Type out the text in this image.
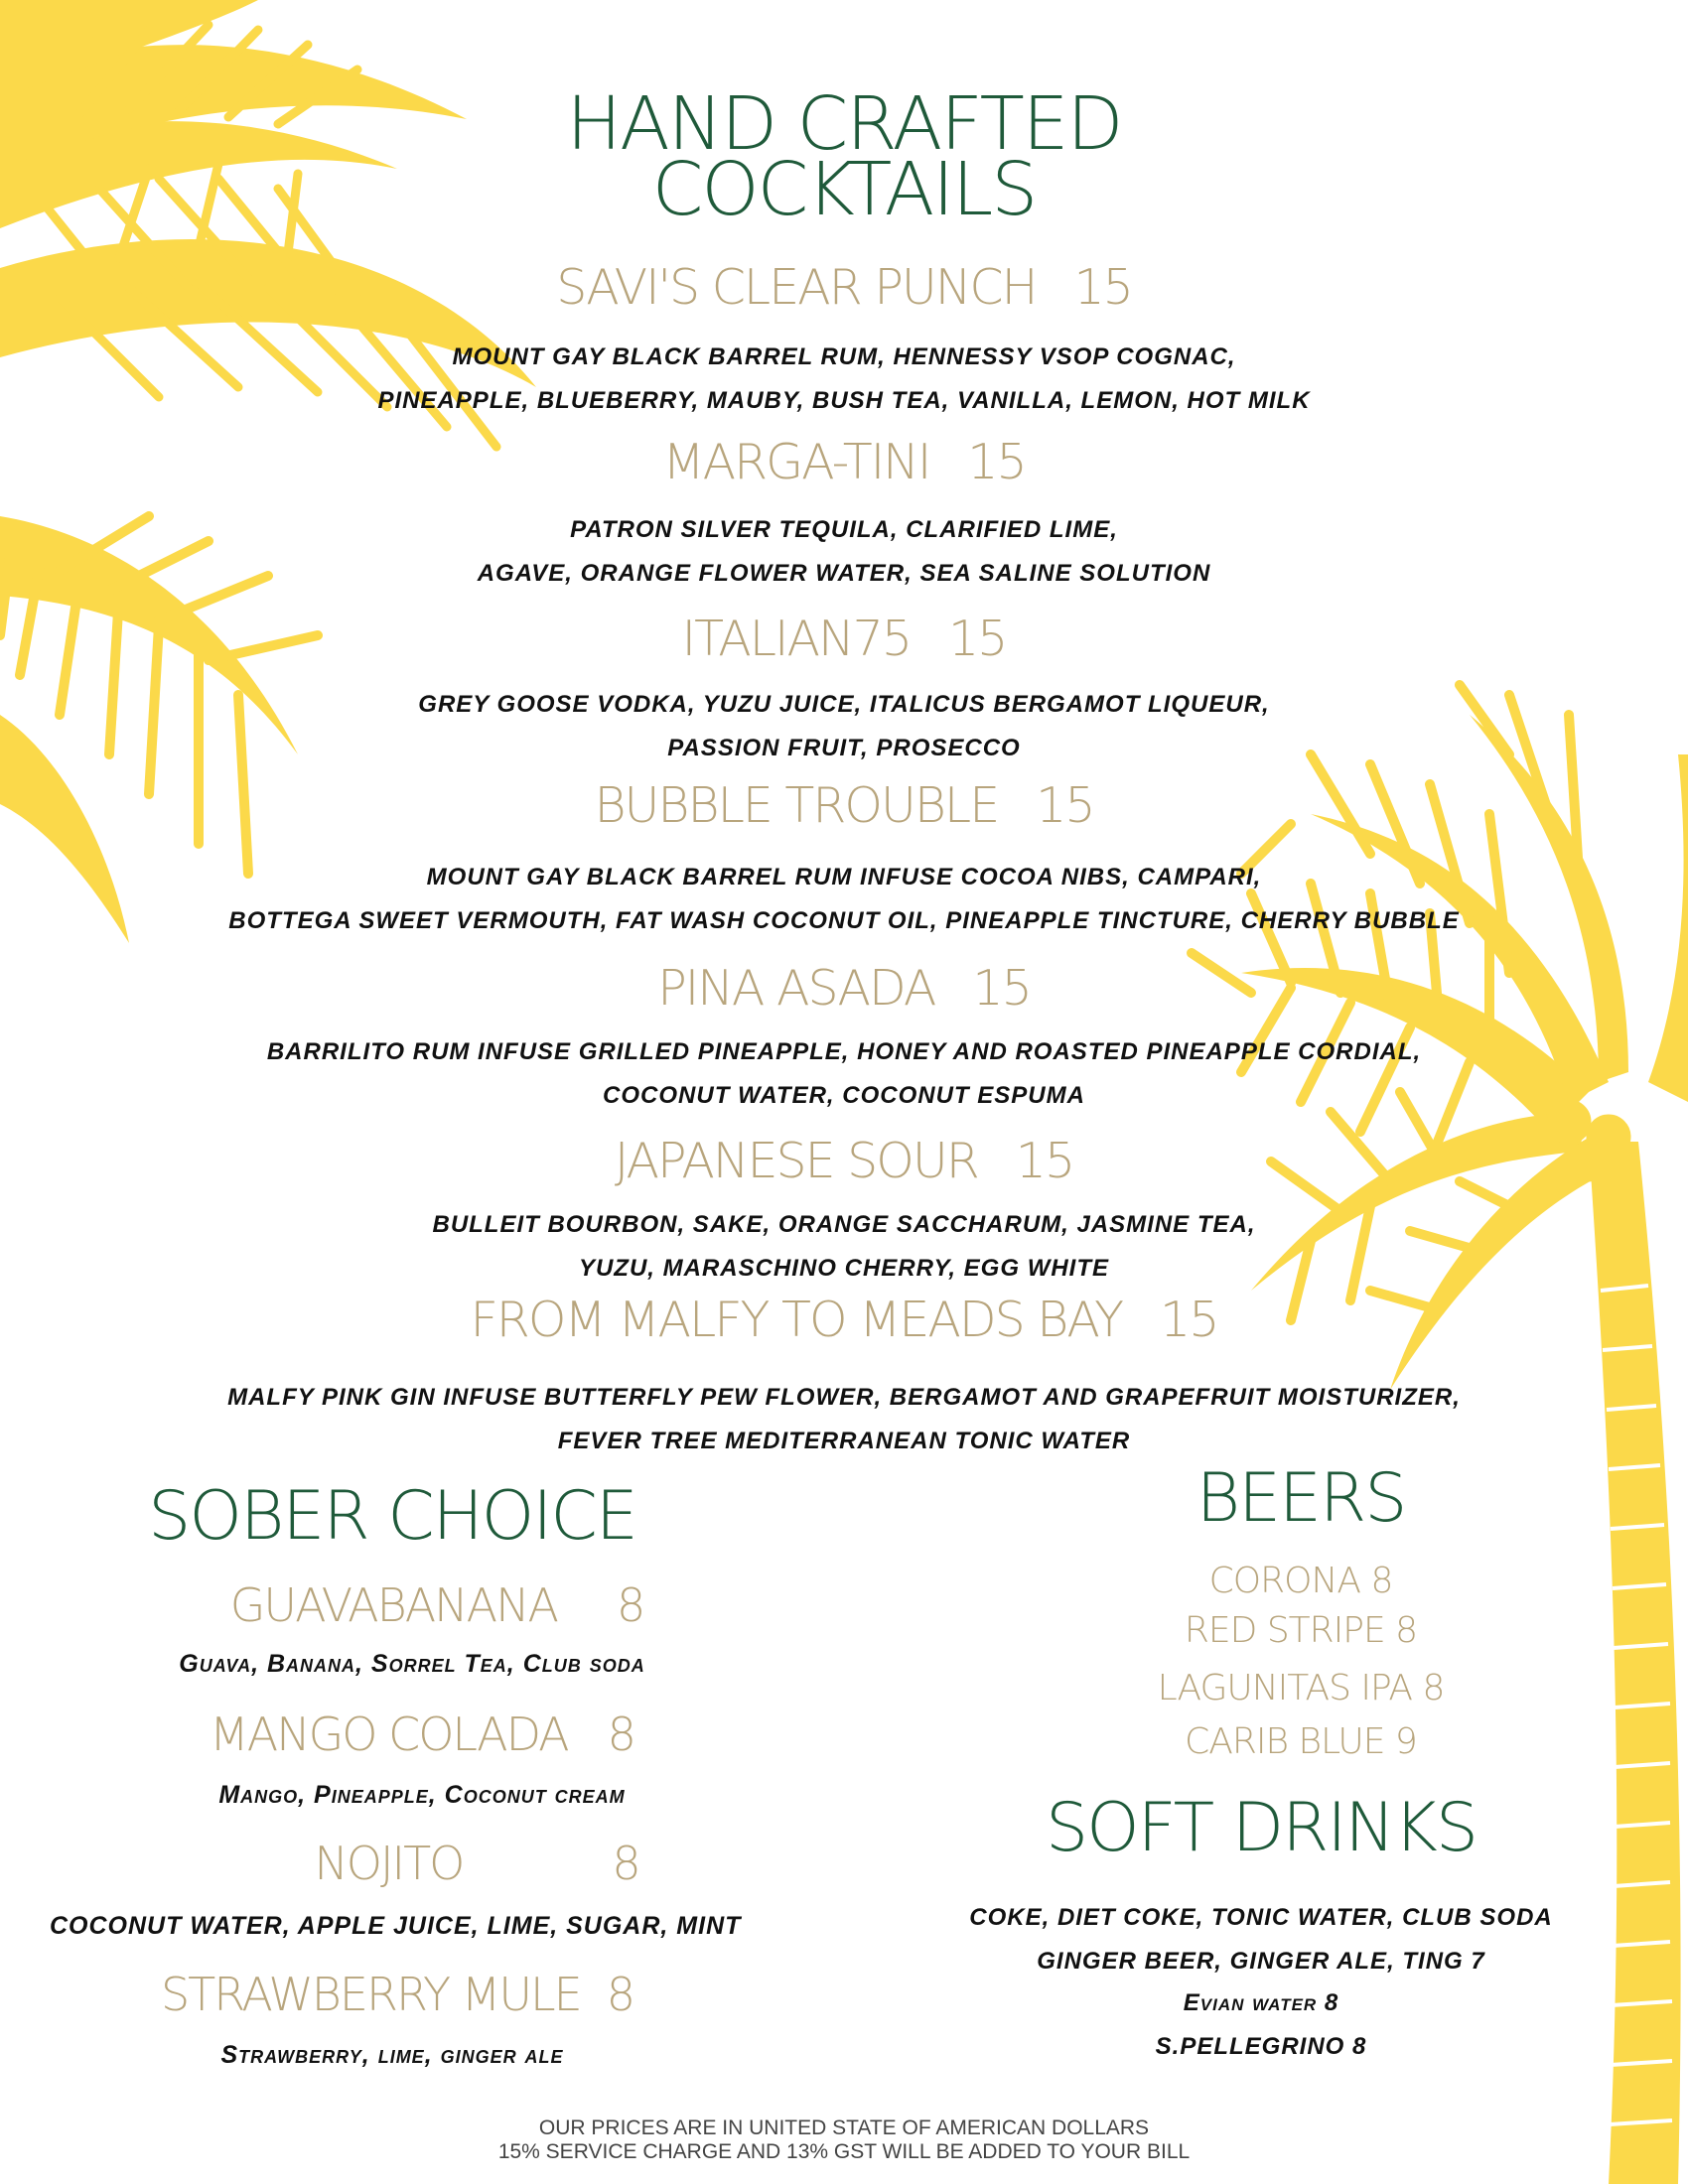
HAND CRAFTED
COCKTAILS
SAVI'S CLEAR PUNCH 15
MOUNT GAY BLACK BARREL RUM, HENNESSY VSOP COGNAC,
PINEAPPLE, BLUEBERRY, MAUBY, BUSH TEA, VANILLA, LEMON, HOT MILK
MARGA-TINI 15
PATRON SILVER TEQUILA, CLARIFIED LIME,
AGAVE, ORANGE FLOWER WATER, SEA SALINE SOLUTION
ITALIAN75 15
GREY GOOSE VODKA, YUZU JUICE, ITALICUS BERGAMOT LIQUEUR,
PASSION FRUIT, PROSECCO
BUBBLE TROUBLE 15
MOUNT GAY BLACK BARREL RUM INFUSE COCOA NIBS, CAMPARI,
BOTTEGA SWEET VERMOUTH, FAT WASH COCONUT OIL, PINEAPPLE TINCTURE, CHERRY BUBBLE
PINA ASADA 15
BARRILITO RUM INFUSE GRILLED PINEAPPLE, HONEY AND ROASTED PINEAPPLE CORDIAL,
COCONUT WATER, COCONUT ESPUMA
JAPANESE SOUR 15
BULLEIT BOURBON, SAKE, ORANGE SACCHARUM, JASMINE TEA,
YUZU, MARASCHINO CHERRY, EGG WHITE
FROM MALFY TO MEADS BAY 15
MALFY PINK GIN INFUSE BUTTERFLY PEW FLOWER, BERGAMOT AND GRAPEFRUIT MOISTURIZER,
FEVER TREE MEDITERRANEAN TONIC WATER
SOBER CHOICE
GUAVABANANA 8
Guava, Banana, Sorrel Tea, Club soda
MANGO COLADA 8
Mango, Pineapple, Coconut cream
NOJITO	8
COCONUT WATER, APPLE JUICE, LIME, SUGAR, MINT
STRAWBERRY MULE 8
Strawberry, lime, ginger ale
BEERS
CORONA 8
RED STRIPE 8
LAGUNITAS IPA 8
CARIB BLUE 9
SOFT DRINKS
COKE, DIET COKE, TONIC WATER, CLUB SODA
GINGER BEER, GINGER ALE, TING 7
Evian water 8
S.PELLEGRINO 8
OUR PRICES ARE IN UNITED STATE OF AMERICAN DOLLARS
15% SERVICE CHARGE AND 13% GST WILL BE ADDED TO YOUR BILL
